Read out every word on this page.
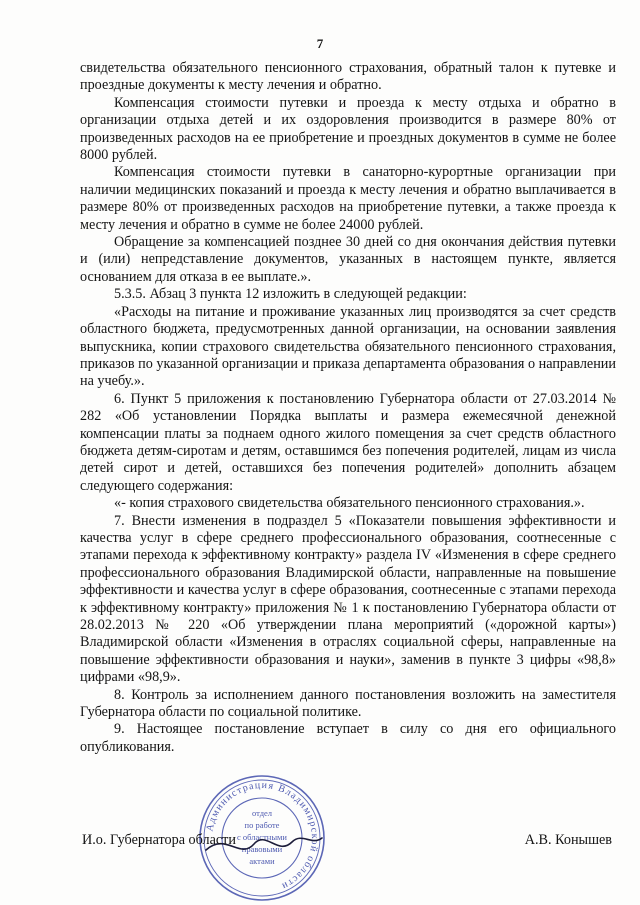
7

свидетельства обязательного пенсионного страхования, обратный талон к путевке и проездные документы к месту лечения и обратно.

Компенсация стоимости путевки и проезда к месту отдыха и обратно в организации отдыха детей и их оздоровления производится в размере 80% от произведенных расходов на ее приобретение и проездных документов в сумме не более 8000 рублей.

Компенсация стоимости путевки в санаторно-курортные организации при наличии медицинских показаний и проезда к месту лечения и обратно выплачивается в размере 80% от произведенных расходов на приобретение путевки, а также проезда к месту лечения и обратно в сумме не более 24000 рублей.

Обращение за компенсацией позднее 30 дней со дня окончания действия путевки и (или) непредставление документов, указанных в настоящем пункте, является основанием для отказа в ее выплате.».

5.3.5. Абзац 3 пункта 12 изложить в следующей редакции:

«Расходы на питание и проживание указанных лиц производятся за счет средств областного бюджета, предусмотренных данной организации, на основании заявления выпускника, копии страхового свидетельства обязательного пенсионного страхования, приказов по указанной организации и приказа департамента образования о направлении на учебу.».

6. Пункт 5 приложения к постановлению Губернатора области от 27.03.2014 № 282 «Об установлении Порядка выплаты и размера ежемесячной денежной компенсации платы за поднаем одного жилого помещения за счет средств областного бюджета детям-сиротам и детям, оставшимся без попечения родителей, лицам из числа детей сирот и детей, оставшихся без попечения родителей» дополнить абзацем следующего содержания:

«- копия страхового свидетельства обязательного пенсионного страхования.».

7. Внести изменения в подраздел 5 «Показатели повышения эффективности и качества услуг в сфере среднего профессионального образования, соотнесенные с этапами перехода к эффективному контракту» раздела IV «Изменения в сфере среднего профессионального образования Владимирской области, направленные на повышение эффективности и качества услуг в сфере образования, соотнесенные с этапами перехода к эффективному контракту» приложения № 1 к постановлению Губернатора области от 28.02.2013 № 220 «Об утверждении плана мероприятий («дорожной карты») Владимирской области «Изменения в отраслях социальной сферы, направленные на повышение эффективности образования и науки», заменив в пункте 3 цифры «98,8» цифрами «98,9».

8. Контроль за исполнением данного постановления возложить на заместителя Губернатора области по социальной политике.

9. Настоящее постановление вступает в силу со дня его официального опубликования.

Администрация Владимирской области
отдел
по работе
с областными
правовыми
актами
И.о. Губернатора области	А.В. Конышев
